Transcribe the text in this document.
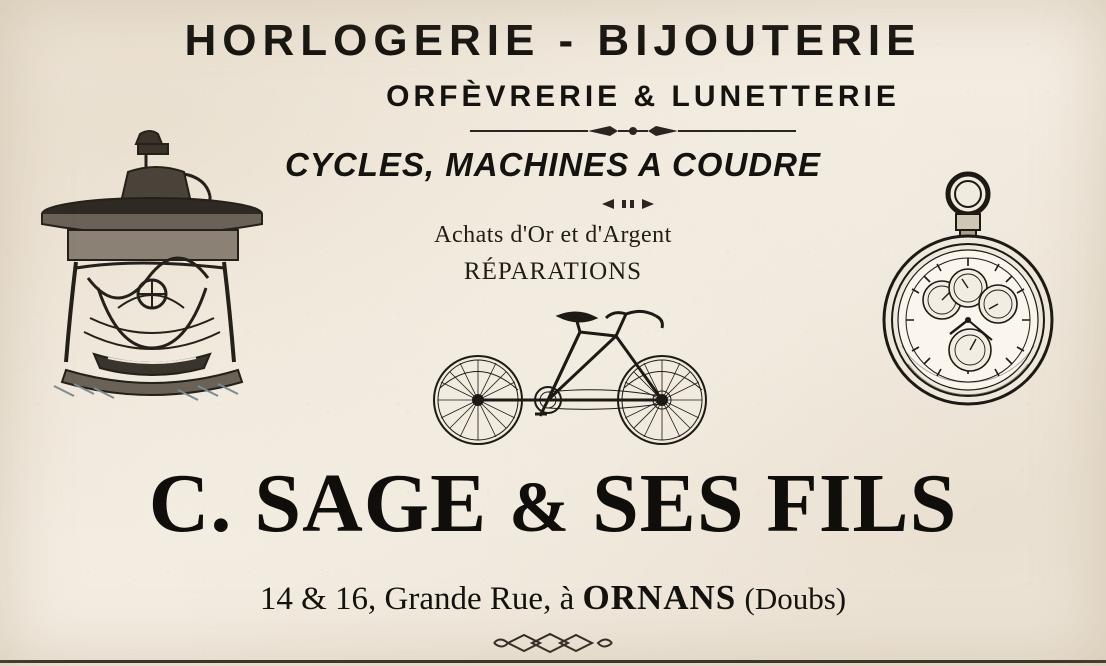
HORLOGERIE - BIJOUTERIE
ORFÈVRERIE & LUNETTERIE
CYCLES, MACHINES A COUDRE
Achats d'Or et d'Argent
RÉPARATIONS
C. SAGE & SES FILS
14 & 16, Grande Rue, à ORNANS (Doubs)
